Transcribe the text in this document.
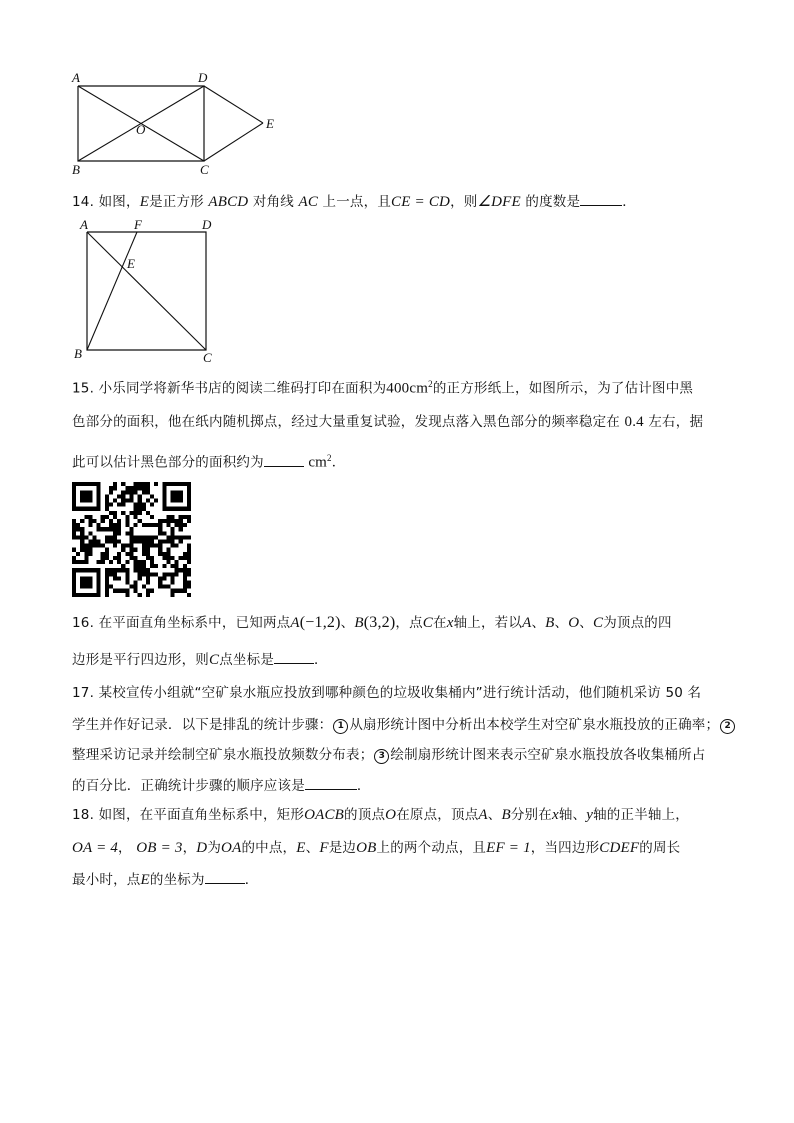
A	D
E
O
B	C
14. 如图，E是正方形 ABCD 对角线 AC 上一点，且CE = CD，则∠DFE 的度数是	．
A	F	D
E
B	C
15. 小乐同学将新华书店的阅读二维码打印在面积为$400cm^2$的正方形纸上，如图所示，为了估计图中黑
色部分的面积，他在纸内随机掷点，经过大量重复试验，发现点落入黑色部分的频率稳定在 0.4 左右，据
此可以估计黑色部分的面积约为	$cm^2$．
16. 在平面直角坐标系中，已知两点A(−1,2)、B(3,2)，点C在x轴上，若以A、B、O、C为顶点的四
边形是平行四边形，则C点坐标是	．
17. 某校宣传小组就“空矿泉水瓶应投放到哪种颜色的垃圾收集桶内”进行统计活动，他们随机采访 50 名
学生并作好记录．以下是排乱的统计步骤： 1 从扇形统计图中分析出本校学生对空矿泉水瓶投放的正确率； 2
整理采访记录并绘制空矿泉水瓶投放频数分布表； 3 绘制扇形统计图来表示空矿泉水瓶投放各收集桶所占
的百分比．正确统计步骤的顺序应该是	．
18. 如图，在平面直角坐标系中，矩形OACB的顶点O在原点，顶点A、B分别在x轴、y轴的正半轴上，
OA = 4， OB = 3，D为OA的中点，E、F是边OB上的两个动点，且EF = 1，当四边形CDEF的周长
最小时，点E的坐标为	．
